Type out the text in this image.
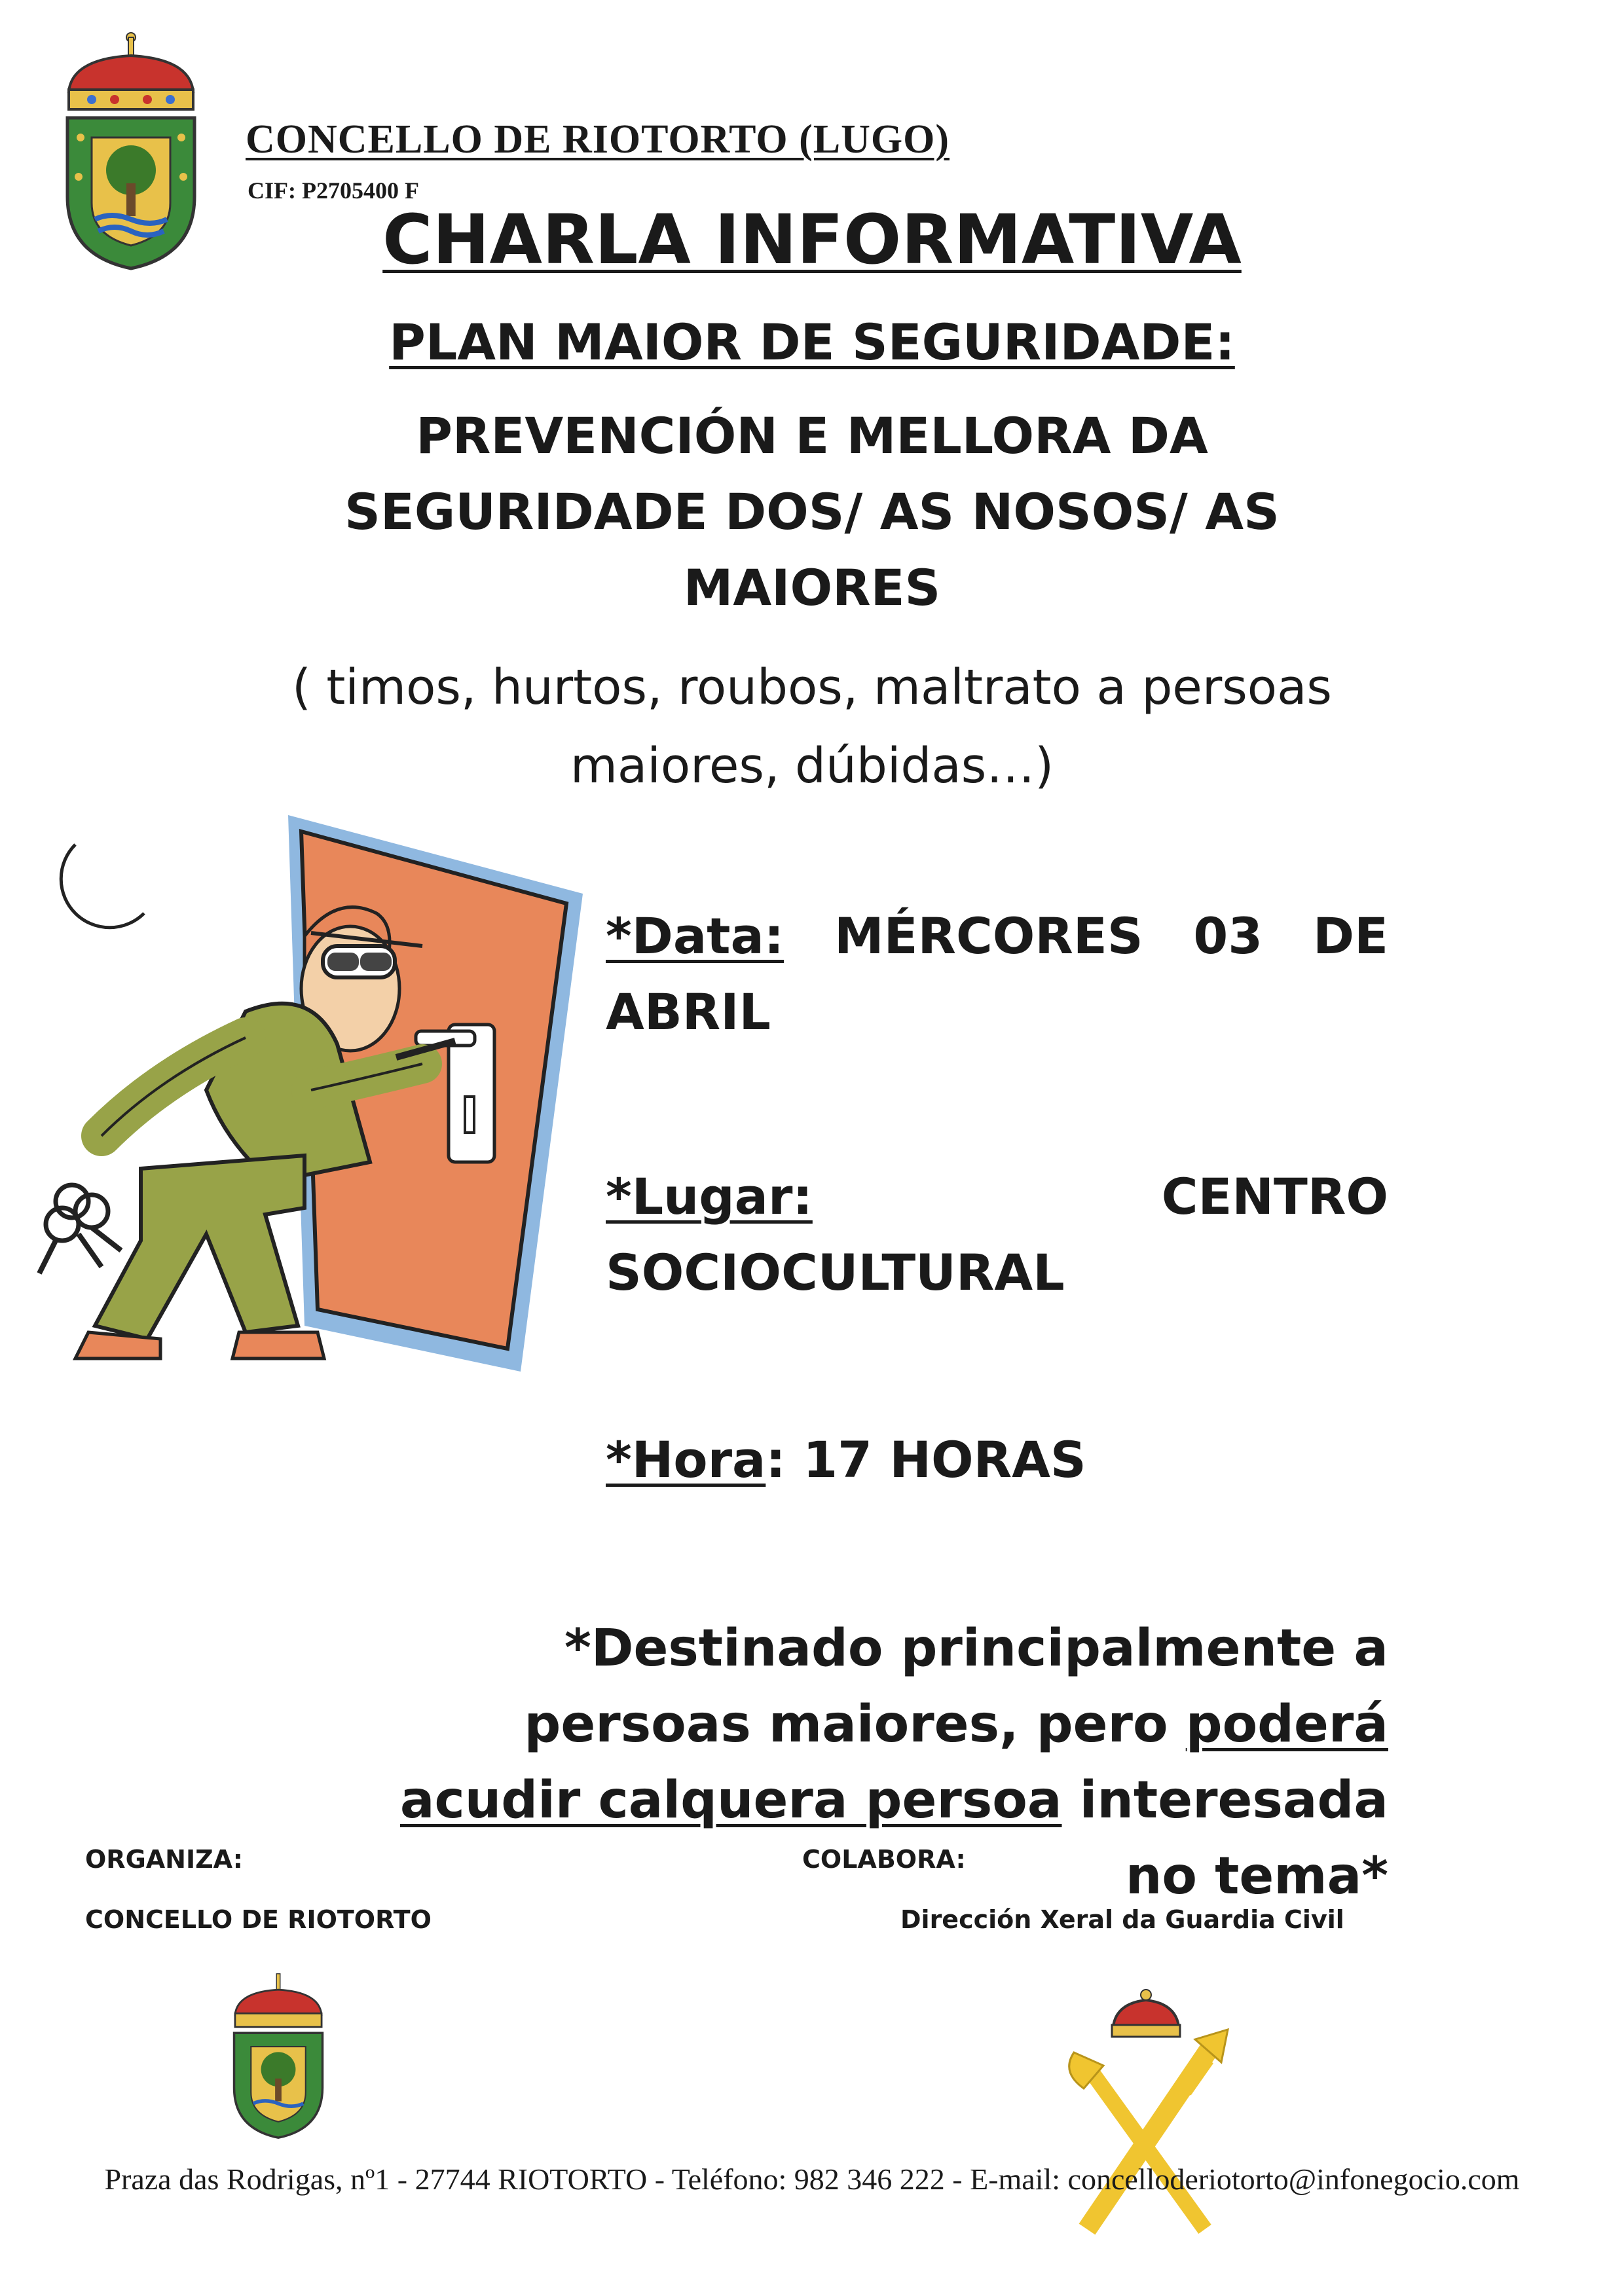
CONCELLO DE RIOTORTO (LUGO)
CIF: P2705400 F
CHARLA INFORMATIVA
PLAN MAIOR DE SEGURIDADE:
PREVENCIÓN E MELLORA DA SEGURIDADE DOS/ AS NOSOS/ AS MAIORES
( timos, hurtos, roubos, maltrato a persoas maiores, dúbidas…)
*Data: MÉRCORES 03 DE ABRIL
*Lugar:	CENTRO SOCIOCULTURAL
*Hora: 17 HORAS
*Destinado principalmente a persoas maiores, pero poderá acudir calquera persoa interesada no tema*
ORGANIZA:
CONCELLO DE RIOTORTO
COLABORA:
Dirección Xeral da Guardia Civil
Praza das Rodrigas, nº1 - 27744 RIOTORTO - Teléfono: 982 346 222 - E-mail: concelloderiotorto@infonegocio.com
